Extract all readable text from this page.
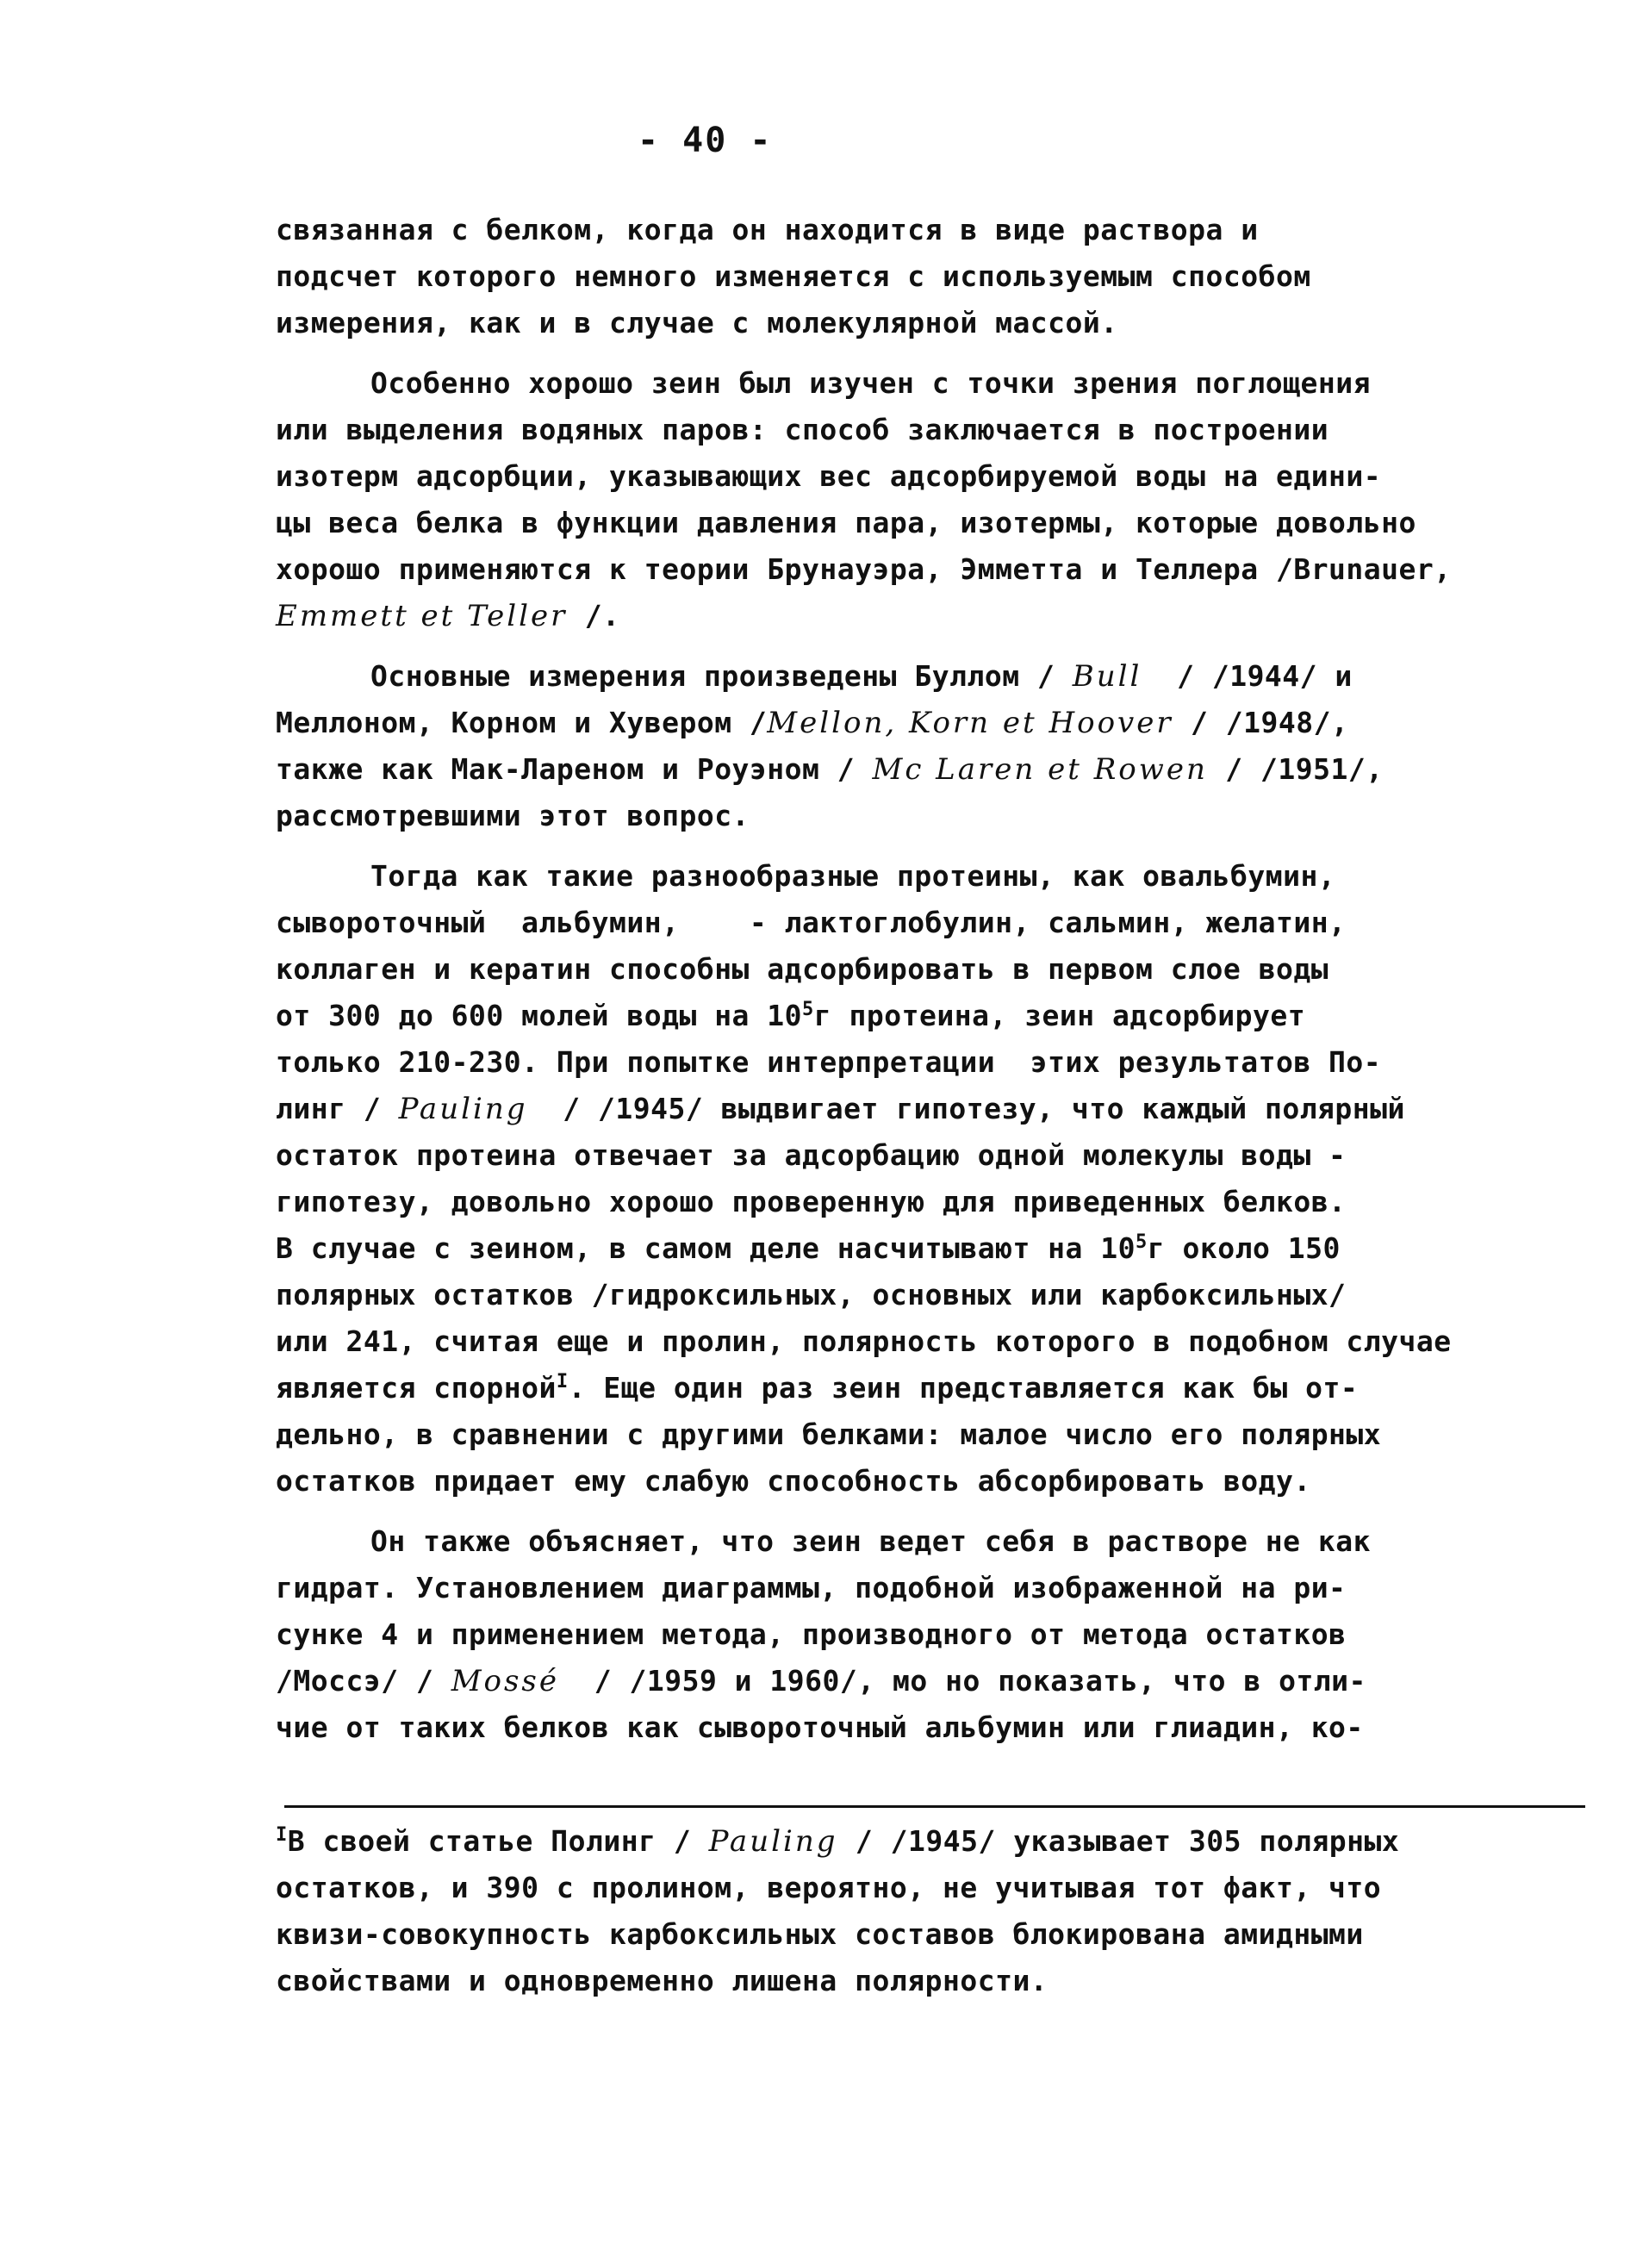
- 40 -
связанная с белком, когда он находится в виде раствора и
подсчет которого немного изменяется с используемым способом
измерения, как и в случае с молекулярной массой.
Особенно хорошо зеин был изучен с точки зрения поглощения
или выделения водяных паров: способ заключается в построении
изотерм адсорбции, указывающих вес адсорбируемой воды на едини-
цы веса белка в функции давления пара, изотермы, которые довольно
хорошо применяются к теории Брунауэра, Эмметта и Теллера /Brunauer,
Emmett et Teller /.
Основные измерения произведены Буллом / Bull  / /1944/ и
Меллоном, Корном и Хувером /Mellon, Korn et Hoover / /1948/,
также как Мак-Лареном и Роуэном / Mc Laren et Rowen / /1951/,
рассмотревшими этот вопрос.
Тогда как такие разнообразные протеины, как овальбумин,
сывороточный  альбумин,    - лактоглобулин, сальмин, желатин,
коллаген и кератин способны адсорбировать в первом слое воды
от 300 до 600 молей воды на $10^5г$ протеина, зеин адсорбирует
только 210-230. При попытке интерпретации  этих результатов По-
линг / Pauling  / /1945/ выдвигает гипотезу, что каждый полярный
остаток протеина отвечает за адсорбацию одной молекулы воды -
гипотезу, довольно хорошо проверенную для приведенных белков.
В случае с зеином, в самом деле насчитывают на $10^5г$ около 150
полярных остатков /гидроксильных, основных или карбоксильных/
или 241, считая еще и пролин, полярность которого в подобном случае
является спорной$^I$. Еще один раз зеин представляется как бы от-
дельно, в сравнении с другими белками: малое число его полярных
остатков придает ему слабую способность абсорбировать воду.
Он также объясняет, что зеин ведет себя в растворе не как
гидрат. Установлением диаграммы, подобной изображенной на ри-
сунке 4 и применением метода, производного от метода остатков
/Моссэ/ / Mossé  / /1959 и 1960/, мо но показать, что в отли-
чие от таких белков как сывороточный альбумин или глиадин, ко-
$^I$В своей статье Полинг / Pauling / /1945/ указывает 305 полярных
остатков, и 390 с пролином, вероятно, не учитывая тот факт, что
квизи-совокупность карбоксильных составов блокирована амидными
свойствами и одновременно лишена полярности.
